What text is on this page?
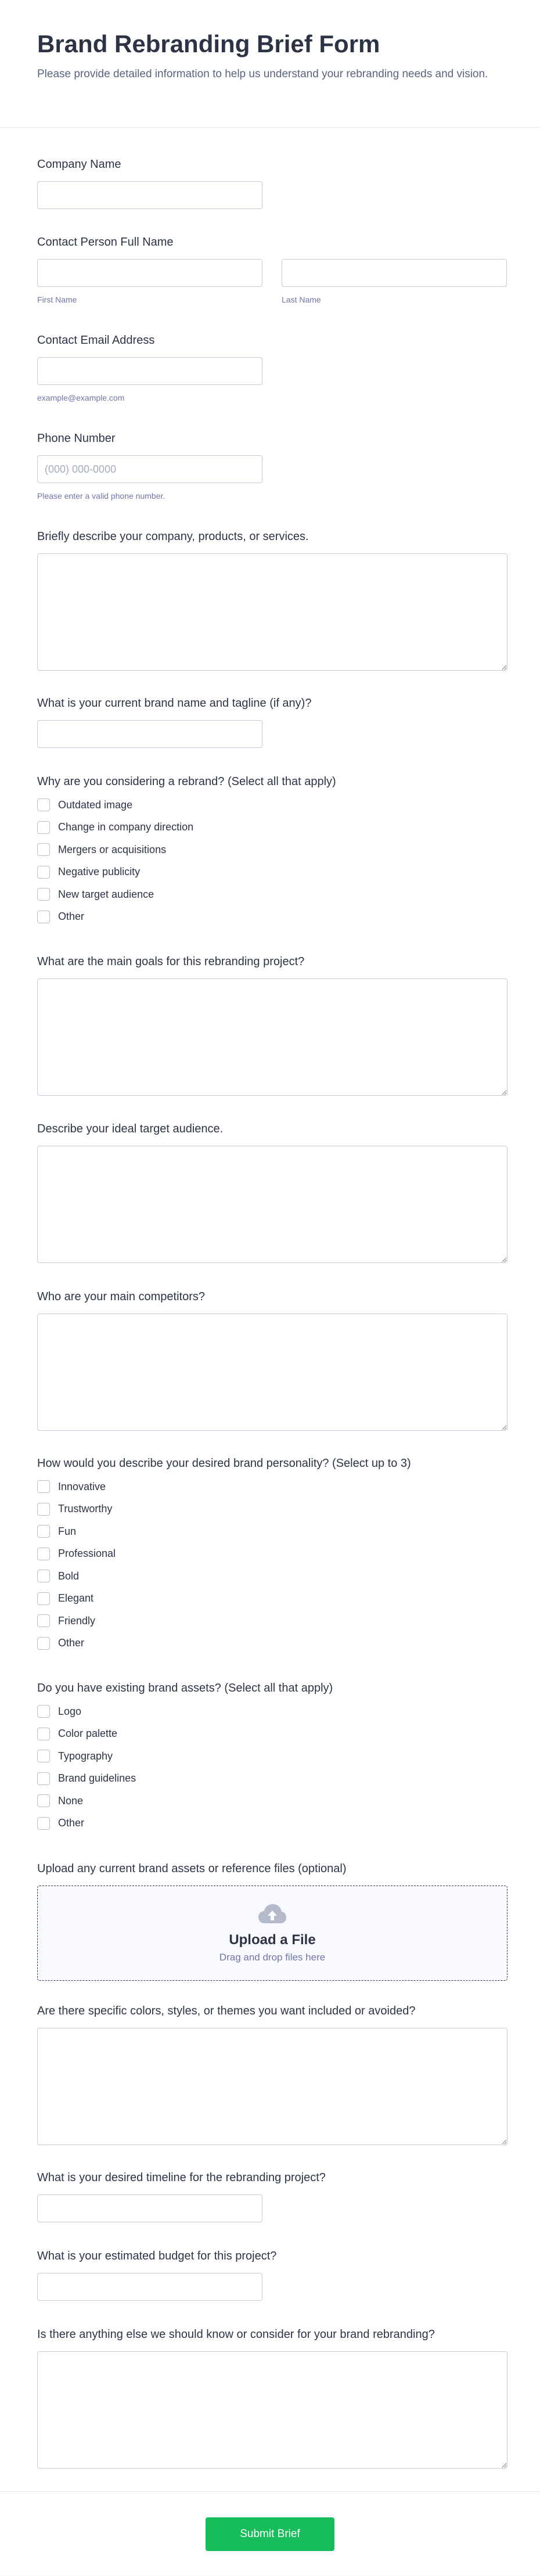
Brand Rebranding Brief Form

Please provide detailed information to help us understand your rebranding needs and vision.

Company Name
Contact Person Full Name
First Name	Last Name
Contact Email Address
example@example.com
Phone Number
(000) 000-0000
Please enter a valid phone number.
Briefly describe your company, products, or services.
What is your current brand name and tagline (if any)?
Why are you considering a rebrand? (Select all that apply)
Outdated image
Change in company direction
Mergers or acquisitions
Negative publicity
New target audience
Other
What are the main goals for this rebranding project?
Describe your ideal target audience.
Who are your main competitors?
How would you describe your desired brand personality? (Select up to 3)
Innovative
Trustworthy
Fun
Professional
Bold
Elegant
Friendly
Other
Do you have existing brand assets? (Select all that apply)
Logo
Color palette
Typography
Brand guidelines
None
Other
Upload any current brand assets or reference files (optional)
Upload a File
Drag and drop files here
Are there specific colors, styles, or themes you want included or avoided?
What is your desired timeline for the rebranding project?
What is your estimated budget for this project?
Is there anything else we should know or consider for your brand rebranding?
Submit Brief
